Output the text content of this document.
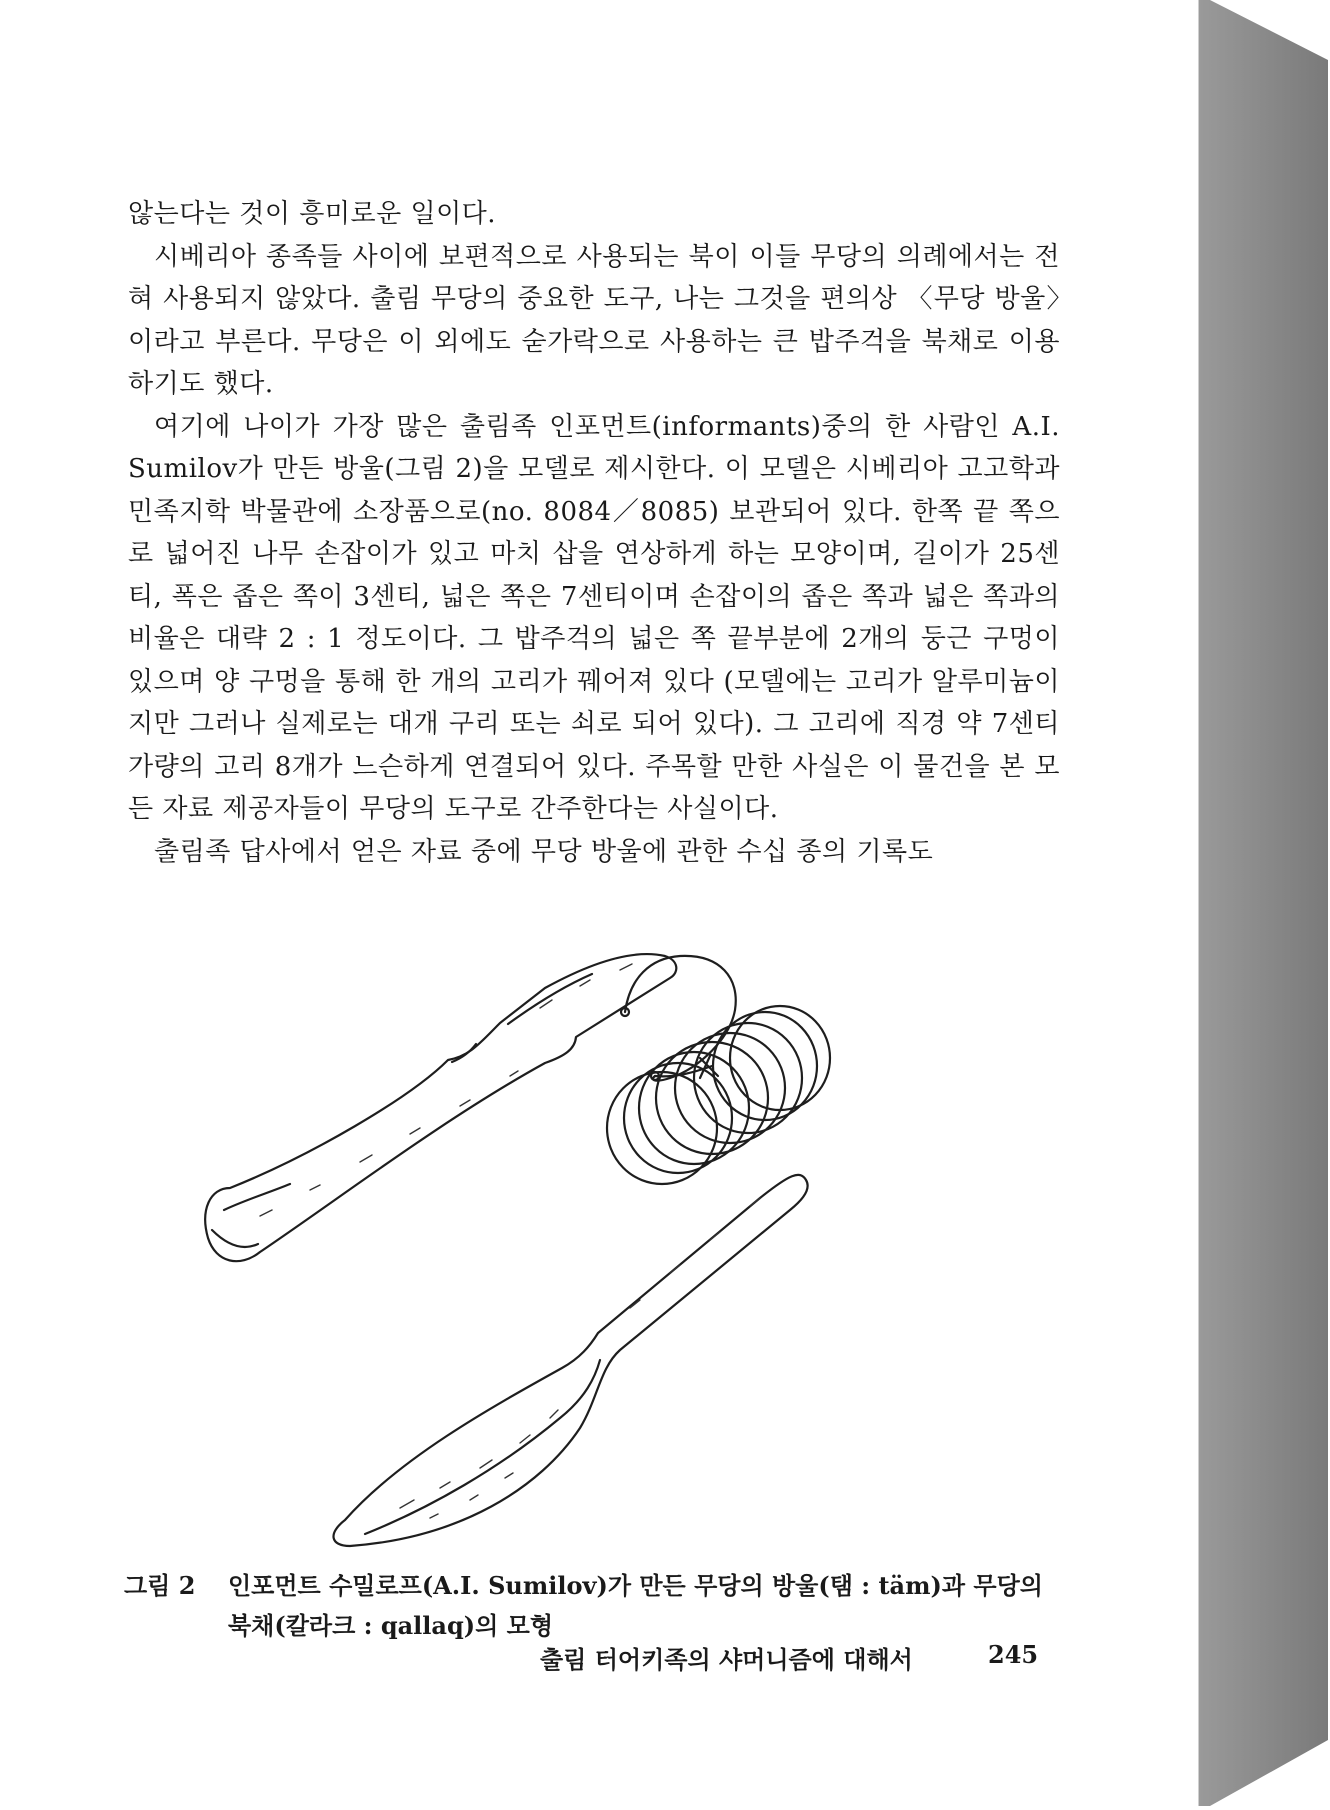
않는다는 것이 흥미로운 일이다.

시베리아 종족들 사이에 보편적으로 사용되는 북이 이들 무당의 의례에서는 전혀 사용되지 않았다. 출림 무당의 중요한 도구, 나는 그것을 편의상 〈무당 방울〉이라고 부른다. 무당은 이 외에도 숟가락으로 사용하는 큰 밥주걱을 북채로 이용하기도 했다.

여기에 나이가 가장 많은 출림족 인포먼트(informants)중의 한 사람인 A.I. Sumilov가 만든 방울(그림 2)을 모델로 제시한다. 이 모델은 시베리아 고고학과 민족지학 박물관에 소장품으로(no. 8084／8085) 보관되어 있다. 한쪽 끝 쪽으로 넓어진 나무 손잡이가 있고 마치 삽을 연상하게 하는 모양이며, 길이가 25센티, 폭은 좁은 쪽이 3센티, 넓은 쪽은 7센티이며 손잡이의 좁은 쪽과 넓은 쪽과의 비율은 대략 2 : 1 정도이다. 그 밥주걱의 넓은 쪽 끝부분에 2개의 둥근 구멍이 있으며 양 구멍을 통해 한 개의 고리가 꿰어져 있다 (모델에는 고리가 알루미늄이지만 그러나 실제로는 대개 구리 또는 쇠로 되어 있다). 그 고리에 직경 약 7센티 가량의 고리 8개가 느슨하게 연결되어 있다. 주목할 만한 사실은 이 물건을 본 모든 자료 제공자들이 무당의 도구로 간주한다는 사실이다.

출림족 답사에서 얻은 자료 중에 무당 방울에 관한 수십 종의 기록도

그림 2 인포먼트 수밀로프(A.I. Sumilov)가 만든 무당의 방울(탬 : täm)과 무당의 북채(칼라크 : qallaq)의 모형
출림 터어키족의 샤머니즘에 대해서	245
